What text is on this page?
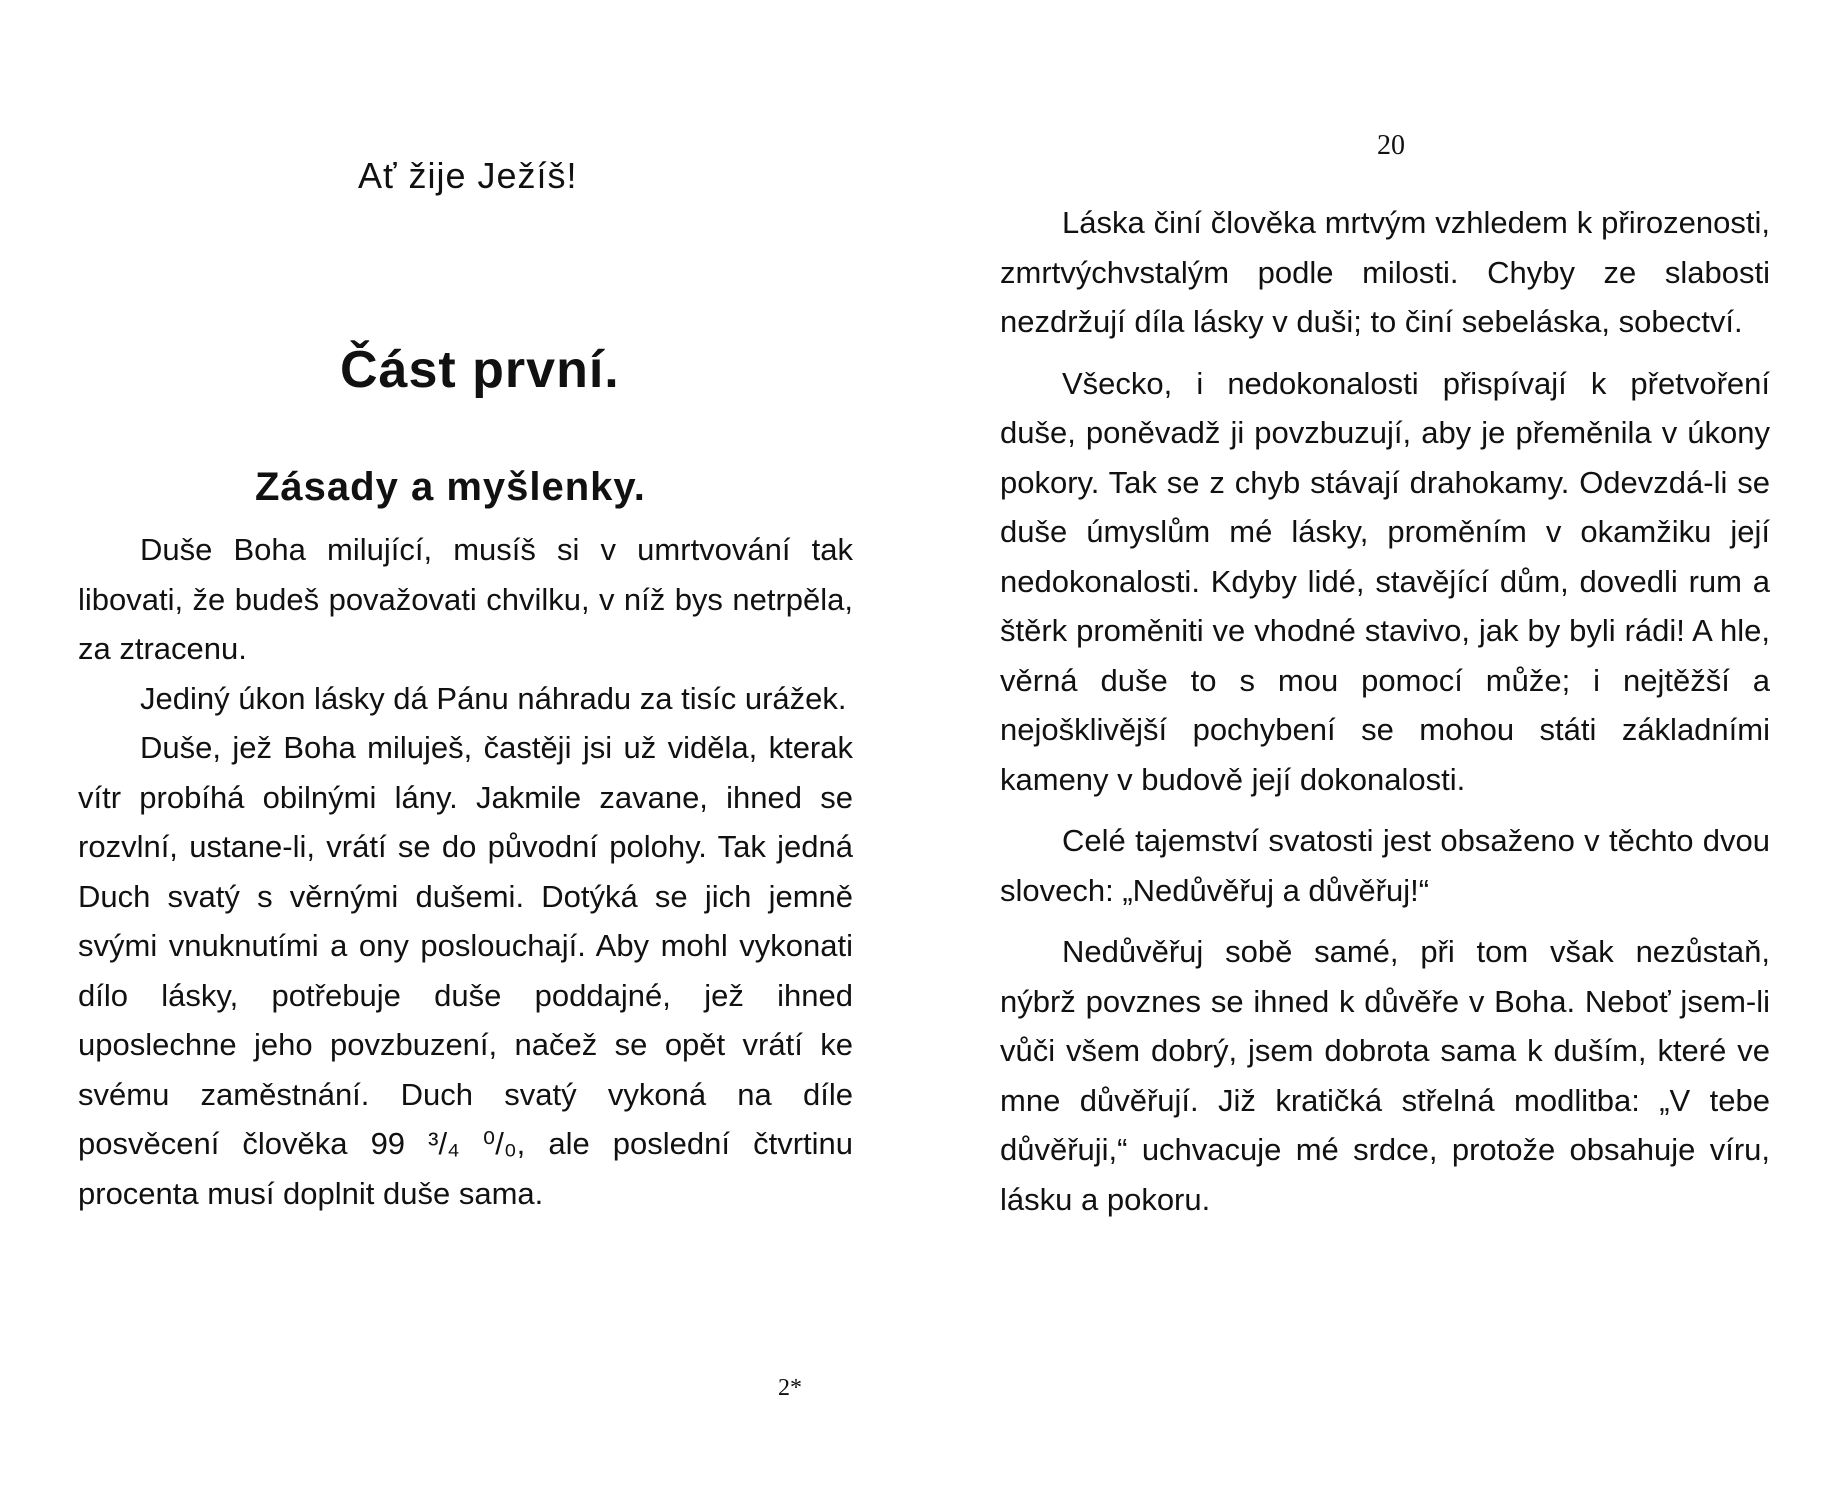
Ať žije Ježíš!
Část první.
Zásady a myšlenky.

Duše Boha milující, musíš si v umrtvování tak libovati, že budeš považovati chvilku, v níž bys netrpěla, za ztracenu.

Jediný úkon lásky dá Pánu náhradu za tisíc urážek.

Duše, jež Boha miluješ, častěji jsi už viděla, kterak vítr probíhá obilnými lány. Jakmile zavane, ihned se rozvlní, ustane-li, vrátí se do původní polohy. Tak jedná Duch svatý s věrnými dušemi. Dotýká se jich jemně svými vnuknutími a ony poslouchají. Aby mohl vykonati dílo lásky, potřebuje duše poddajné, jež ihned uposlechne jeho povzbuzení, načež se opět vrátí ke svému zaměstnání. Duch svatý vykoná na díle posvěcení člověka 99 ³/₄ ⁰/₀, ale poslední čtvrtinu procenta musí doplnit duše sama.

2*
20

Láska činí člověka mrtvým vzhledem k přirozenosti, zmrtvýchvstalým podle milosti. Chyby ze slabosti nezdržují díla lásky v duši; to činí sebeláska, sobectví.

Všecko, i nedokonalosti přispívají k přetvoření duše, poněvadž ji povzbuzují, aby je přeměnila v úkony pokory. Tak se z chyb stávají drahokamy. Odevzdá-li se duše úmyslům mé lásky, proměním v okamžiku její nedokonalosti. Kdyby lidé, stavějící dům, dovedli rum a štěrk proměniti ve vhodné stavivo, jak by byli rádi! A hle, věrná duše to s mou pomocí může; i nejtěžší a nejošklivější pochybení se mohou státi základními kameny v budově její dokonalosti.

Celé tajemství svatosti jest obsaženo v těchto dvou slovech: „Nedůvěřuj a důvěřuj!“

Nedůvěřuj sobě samé, při tom však nezůstaň, nýbrž povznes se ihned k důvěře v Boha. Neboť jsem-li vůči všem dobrý, jsem dobrota sama k duším, které ve mne důvěřují. Již kratičká střelná modlitba: „V tebe důvěřuji,“ uchvacuje mé srdce, protože obsahuje víru, lásku a pokoru.
